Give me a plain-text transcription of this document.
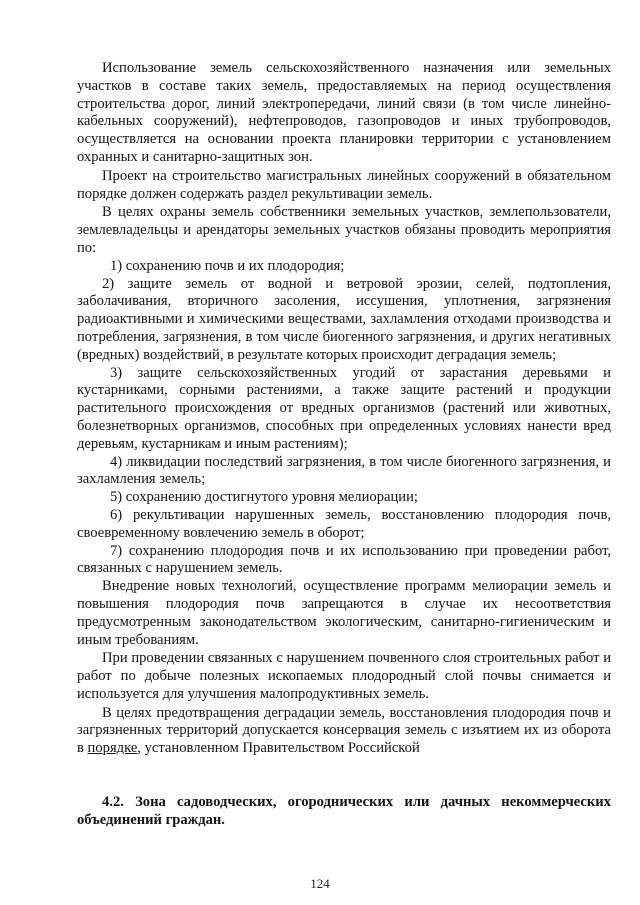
Использование земель сельскохозяйственного назначения или земельных участков в составе таких земель, предоставляемых на период осуществления строительства дорог, линий электропередачи, линий связи (в том числе линейно-кабельных сооружений), нефтепроводов, газопроводов и иных трубопроводов, осуществляется на основании проекта планировки территории с установлением охранных и санитарно-защитных зон.

Проект на строительство магистральных линейных сооружений в обязательном порядке должен содержать раздел рекультивации земель.

В целях охраны земель собственники земельных участков, землепользователи, землевладельцы и арендаторы земельных участков обязаны проводить мероприятия по:

1) сохранению почв и их плодородия;

2) защите земель от водной и ветровой эрозии, селей, подтопления, заболачивания, вторичного засоления, иссушения, уплотнения, загрязнения радиоактивными и химическими веществами, захламления отходами производства и потребления, загрязнения, в том числе биогенного загрязнения, и других негативных (вредных) воздействий, в результате которых происходит деградация земель;

3) защите сельскохозяйственных угодий от зарастания деревьями и кустарниками, сорными растениями, а также защите растений и продукции растительного происхождения от вредных организмов (растений или животных, болезнетворных организмов, способных при определенных условиях нанести вред деревьям, кустарникам и иным растениям);

4) ликвидации последствий загрязнения, в том числе биогенного загрязнения, и захламления земель;

5) сохранению достигнутого уровня мелиорации;

6) рекультивации нарушенных земель, восстановлению плодородия почв, своевременному вовлечению земель в оборот;

7) сохранению плодородия почв и их использованию при проведении работ, связанных с нарушением земель.

Внедрение новых технологий, осуществление программ мелиорации земель и повышения плодородия почв запрещаются в случае их несоответствия предусмотренным законодательством экологическим, санитарно-гигиеническим и иным требованиям.

При проведении связанных с нарушением почвенного слоя строительных работ и работ по добыче полезных ископаемых плодородный слой почвы снимается и используется для улучшения малопродуктивных земель.

В целях предотвращения деградации земель, восстановления плодородия почв и загрязненных территорий допускается консервация земель с изъятием их из оборота в порядке, установленном Правительством Российской

4.2. Зона садоводческих, огороднических или дачных некоммерческих объединений граждан.

124
